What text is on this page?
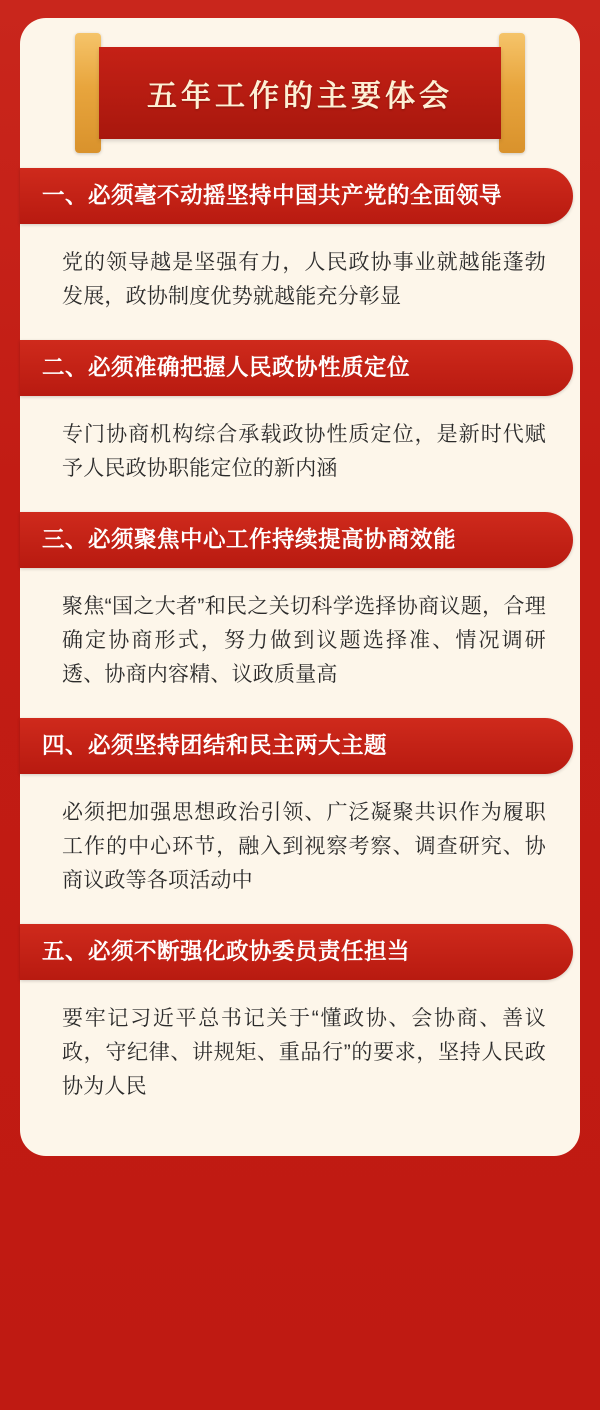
五年工作的主要体会
一、必须毫不动摇坚持中国共产党的全面领导

党的领导越是坚强有力，人民政协事业就越能蓬勃发展，政协制度优势就越能充分彰显

二、必须准确把握人民政协性质定位

专门协商机构综合承载政协性质定位，是新时代赋予人民政协职能定位的新内涵

三、必须聚焦中心工作持续提高协商效能

聚焦“国之大者”和民之关切科学选择协商议题，合理确定协商形式，努力做到议题选择准、情况调研透、协商内容精、议政质量高

四、必须坚持团结和民主两大主题

必须把加强思想政治引领、广泛凝聚共识作为履职工作的中心环节，融入到视察考察、调查研究、协商议政等各项活动中

五、必须不断强化政协委员责任担当

要牢记习近平总书记关于“懂政协、会协商、善议政，守纪律、讲规矩、重品行”的要求，坚持人民政协为人民
